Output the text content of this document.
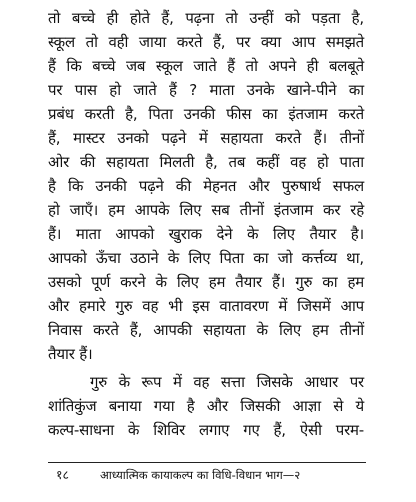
तो बच्चे ही होते हैं, पढ़ना तो उन्हीं को पड़ता है,
स्कूल तो वही जाया करते हैं, पर क्या आप समझते
हैं कि बच्चे जब स्कूल जाते हैं तो अपने ही बलबूते
पर पास हो जाते हैं ? माता उनके खाने-पीने का
प्रबंध करती है, पिता उनकी फीस का इंतजाम करते
हैं, मास्टर उनको पढ़ने में सहायता करते हैं। तीनों
ओर की सहायता मिलती है, तब कहीं वह हो पाता
है कि उनकी पढ़ने की मेहनत और पुरुषार्थ सफल
हो जाएँ। हम आपके लिए सब तीनों इंतजाम कर रहे
हैं। माता आपको खुराक देने के लिए तैयार है।
आपको ऊँचा उठाने के लिए पिता का जो कर्त्तव्य था,
उसको पूर्ण करने के लिए हम तैयार हैं। गुरु का हम
और हमारे गुरु वह भी इस वातावरण में जिसमें आप
निवास करते हैं, आपकी सहायता के लिए हम तीनों
तैयार हैं।
गुरु के रूप में वह सत्ता जिसके आधार पर
शांतिकुंज बनाया गया है और जिसकी आज्ञा से ये
कल्प-साधना के शिविर लगाए गए हैं, ऐसी परम-
१८	आध्यात्मिक कायाकल्प का विधि-विधान भाग—२
